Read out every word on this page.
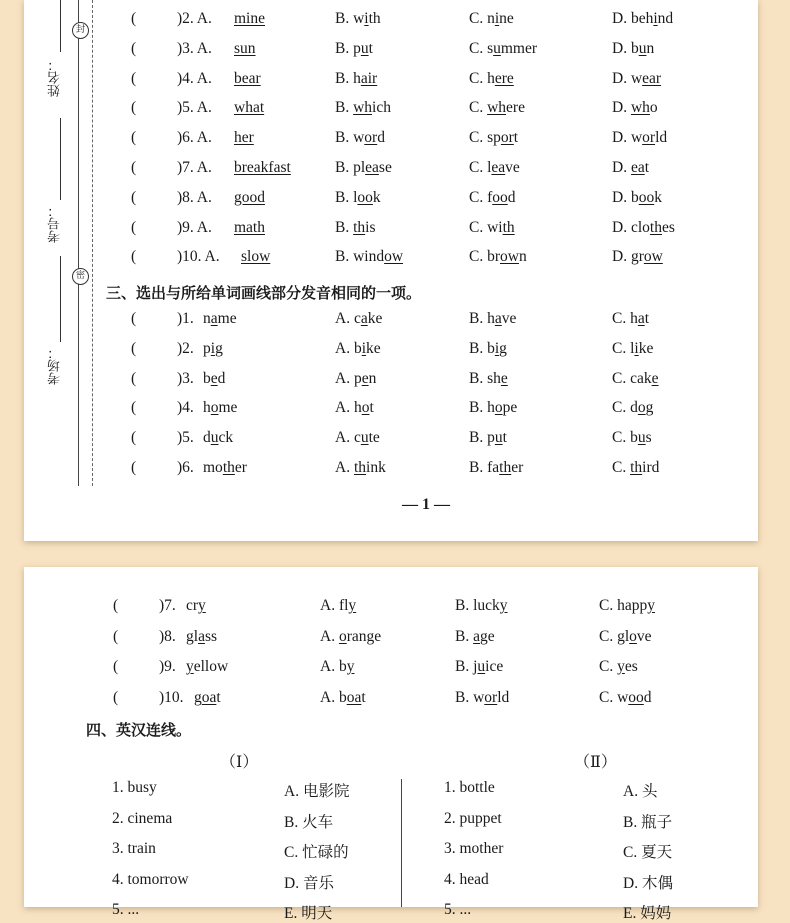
封
密
姓名：
考号：
考场：
(	)2. A. mine	B. with	C. nine	D. behind
(	)3. A. sun	B. put	C. summer	D. bun
(	)4. A. bear	B. hair	C. here	D. wear
(	)5. A. what	B. which	C. where	D. who
(	)6. A. her	B. word	C. sport	D. world
(	)7. A. breakfast	B. please	C. leave	D. eat
(	)8. A. good	B. look	C. food	D. book
(	)9. A. math	B. this	C. with	D. clothes
(	)10. A. slow	B. window	C. brown	D. grow
三、选出与所给单词画线部分发音相同的一项。
(	)1. name	A. cake	B. have	C. hat
(	)2. pig	A. bike	B. big	C. like
(	)3. bed	A. pen	B. she	C. cake
(	)4. home	A. hot	B. hope	C. dog
(	)5. duck	A. cute	B. put	C. bus
(	)6. mother	A. think	B. father	C. third
— 1 —
(	)7. cry	A. fly	B. lucky	C. happy
(	)8. glass	A. orange	B. age	C. glove
(	)9. yellow	A. by	B. juice	C. yes
(	)10. goat	A. boat	B. world	C. wood
四、英汉连线。
（Ⅰ）	（Ⅱ）
1. busy
2. cinema
3. train
4. tomorrow
5. ...
A. 电影院
B. 火车
C. 忙碌的
D. 音乐
E. 明天
1. bottle
2. puppet
3. mother
4. head
5. ...
A. 头
B. 瓶子
C. 夏天
D. 木偶
E. 妈妈
